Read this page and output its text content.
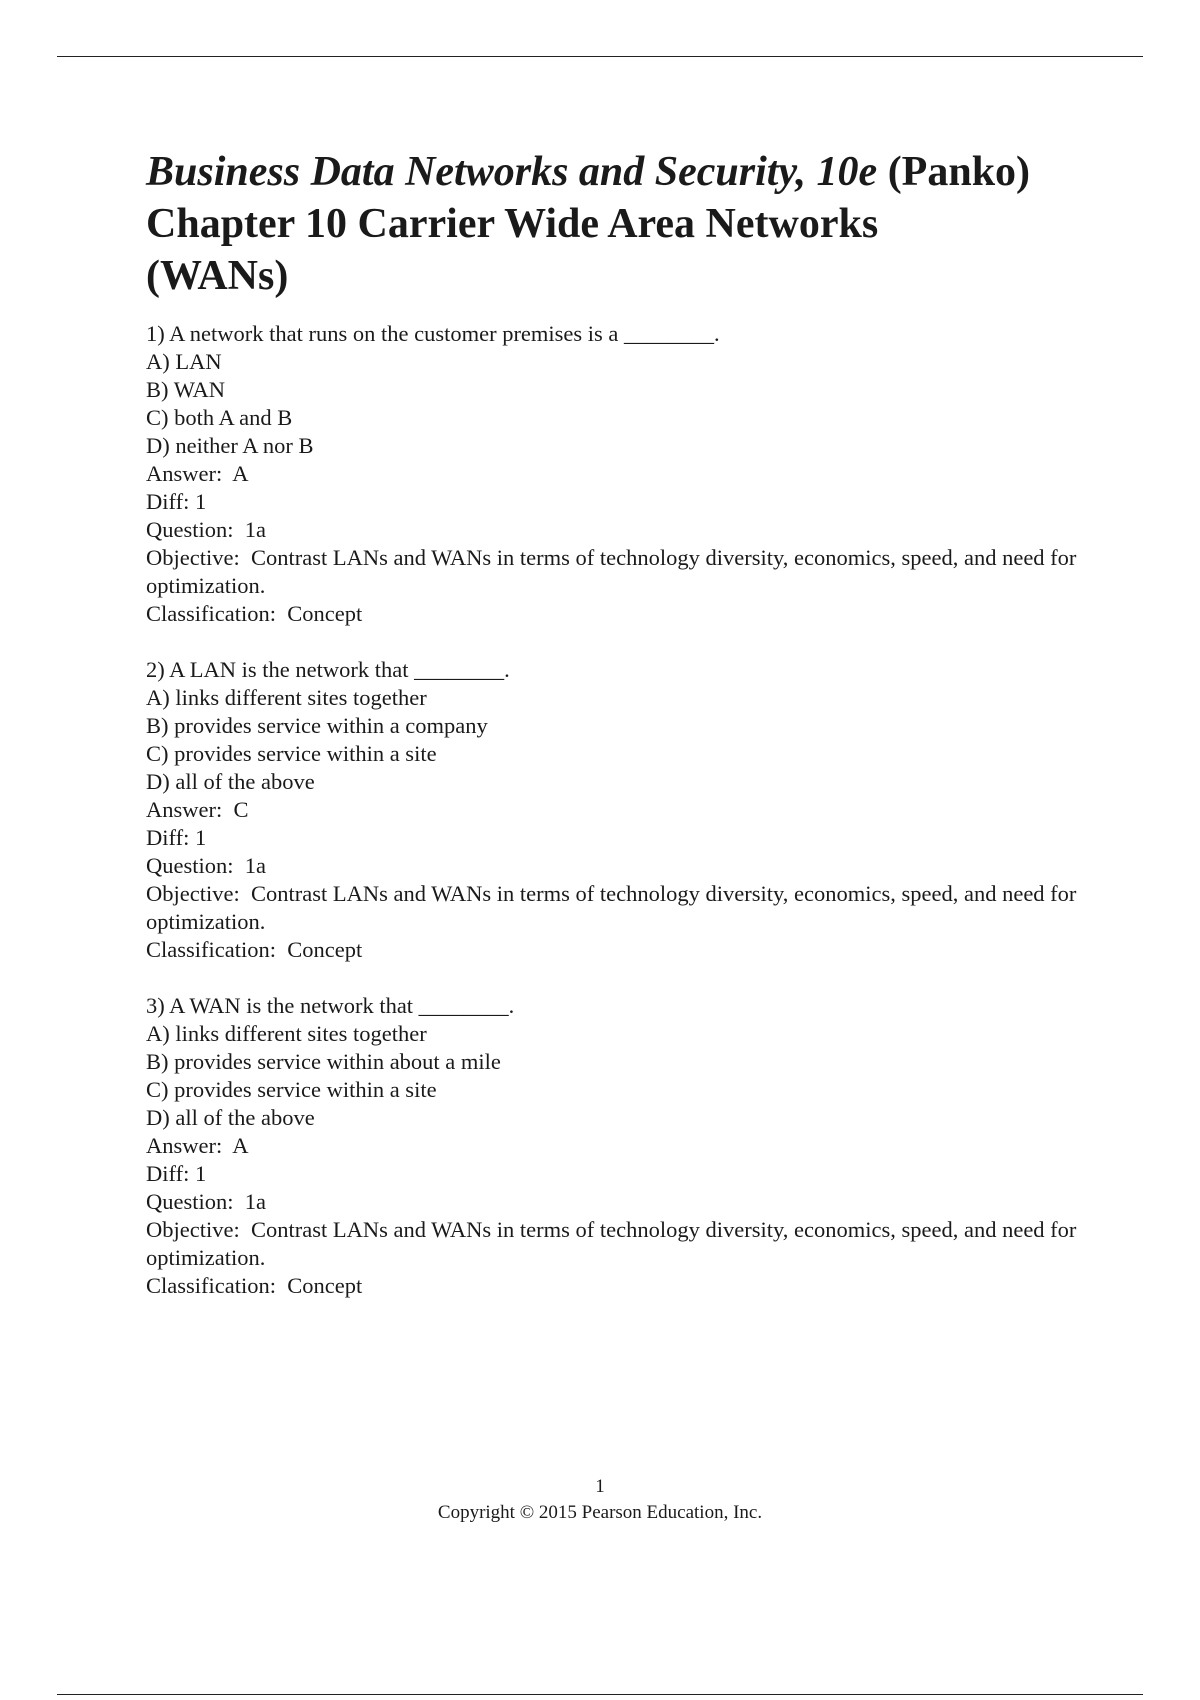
Business Data Networks and Security, 10e (Panko)
Chapter 10 Carrier Wide Area Networks
(WANs)
1) A network that runs on the customer premises is a ________.
A) LAN
B) WAN
C) both A and B
D) neither A nor B
Answer:  A
Diff: 1
Question:  1a
Objective:  Contrast LANs and WANs in terms of technology diversity, economics, speed, and need for optimization.
Classification:  Concept
2) A LAN is the network that ________.
A) links different sites together
B) provides service within a company
C) provides service within a site
D) all of the above
Answer:  C
Diff: 1
Question:  1a
Objective:  Contrast LANs and WANs in terms of technology diversity, economics, speed, and need for optimization.
Classification:  Concept
3) A WAN is the network that ________.
A) links different sites together
B) provides service within about a mile
C) provides service within a site
D) all of the above
Answer:  A
Diff: 1
Question:  1a
Objective:  Contrast LANs and WANs in terms of technology diversity, economics, speed, and need for optimization.
Classification:  Concept
1
Copyright © 2015 Pearson Education, Inc.
